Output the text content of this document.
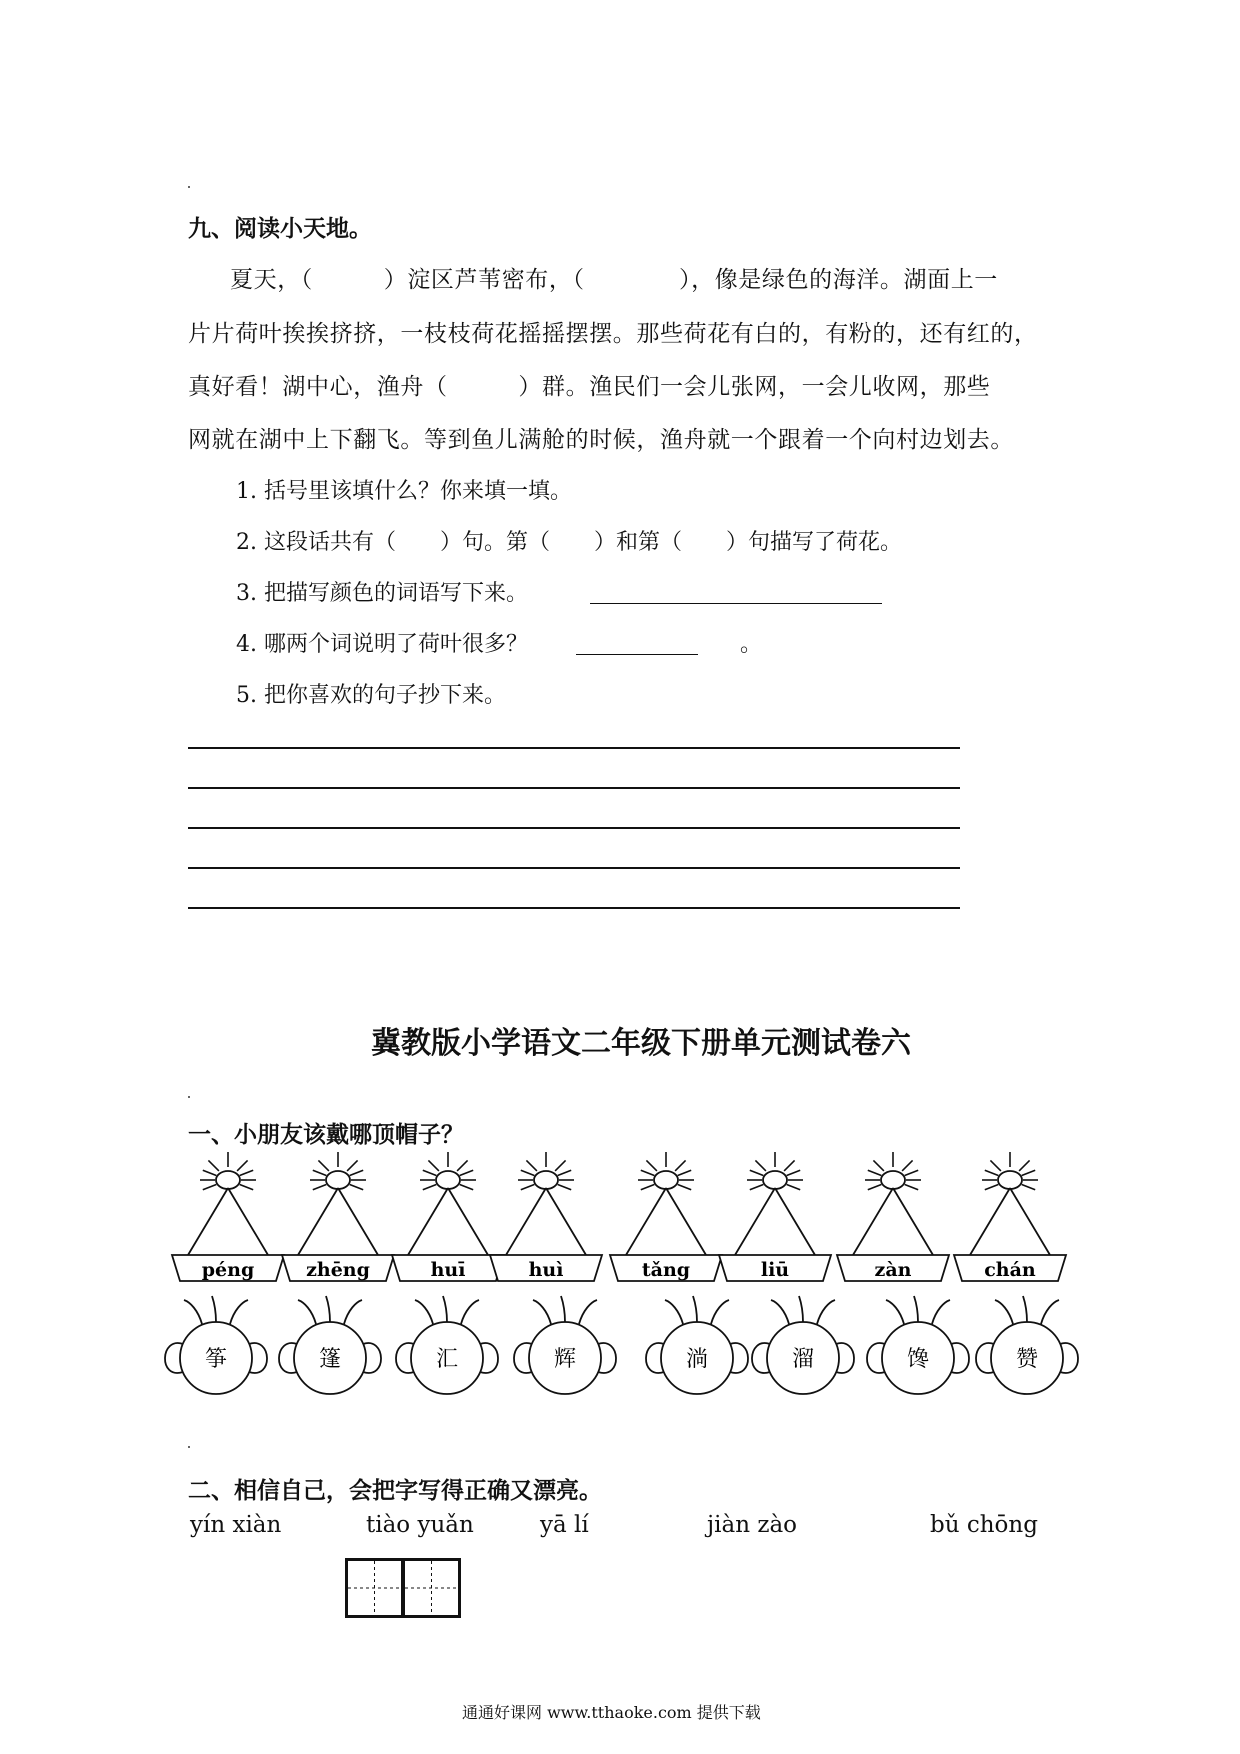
九、阅读小天地。
夏天，（　　　）淀区芦苇密布，（　　　　），像是绿色的海洋。湖面上一
片片荷叶挨挨挤挤，一枝枝荷花摇摇摆摆。那些荷花有白的，有粉的，还有红的，
真好看！湖中心，渔舟（　　　）群。渔民们一会儿张网，一会儿收网，那些
网就在湖中上下翻飞。等到鱼儿满舱的时候，渔舟就一个跟着一个向村边划去。
1. 括号里该填什么？你来填一填。
2. 这段话共有（　　）句。第（　　）和第（　　）句描写了荷花。
3. 把描写颜色的词语写下来。
4. 哪两个词说明了荷叶很多？	。
5. 把你喜欢的句子抄下来。
冀教版小学语文二年级下册单元测试卷六
一、小朋友该戴哪顶帽子？
péng	zhēng	huī	huì	tǎng	liū	zàn	chán
筝	篷	汇	辉	淌	溜	馋	赞
二、相信自己，会把字写得正确又漂亮。
yín xiàn	tiào yuǎn	yā lí	jiàn zào	bǔ chōng
通通好课网 www.tthaoke.com 提供下载
